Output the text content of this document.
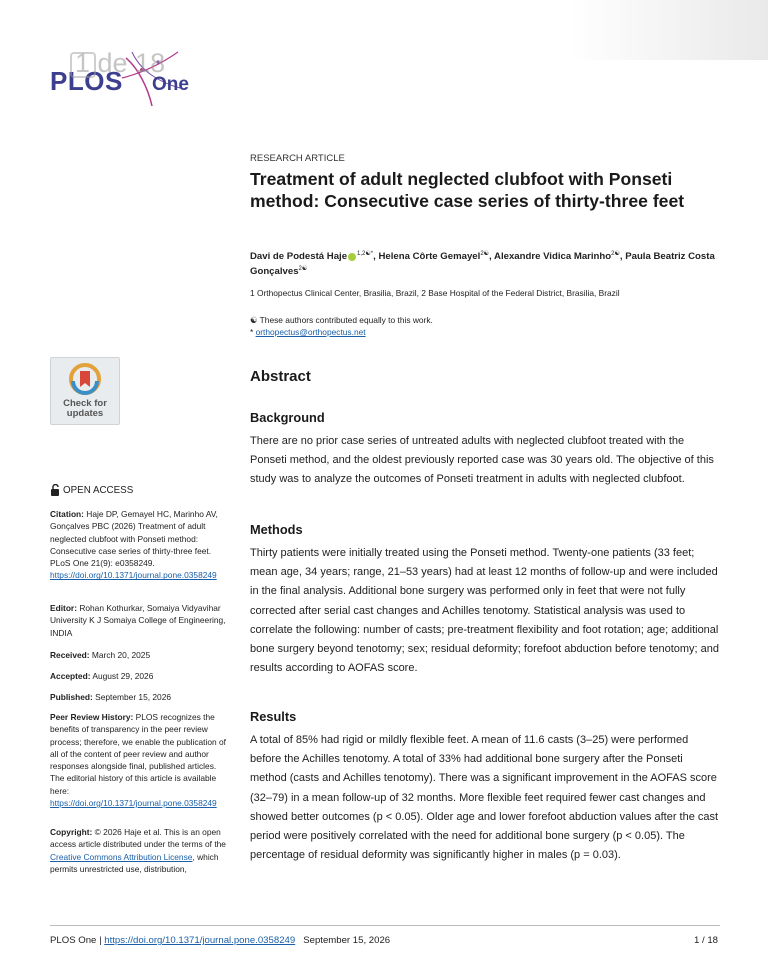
PLOS One
1 de 18
Check for
updates
OPEN ACCESS
Citation: Haje DP, Gemayel HC, Marinho AV, Gonçalves PBC (2026) Treatment of adult neglected clubfoot with Ponseti method: Consecutive case series of thirty-three feet. PLoS One 21(9): e0358249. https://doi.org/10.1371/journal.pone.0358249
Editor: Rohan Kothurkar, Somaiya Vidyavihar University K J Somaiya College of Engineering, INDIA
Received: March 20, 2025
Accepted: August 29, 2026
Published: September 15, 2026
Peer Review History: PLOS recognizes the benefits of transparency in the peer review process; therefore, we enable the publication of all of the content of peer review and author responses alongside final, published articles. The editorial history of this article is available here: https://doi.org/10.1371/journal.pone.0358249
Copyright: © 2026 Haje et al. This is an open access article distributed under the terms of the Creative Commons Attribution License, which permits unrestricted use, distribution,
RESEARCH ARTICLE
Treatment of adult neglected clubfoot with Ponseti method: Consecutive case series of thirty-three feet
Davi de Podestá Haje $^{1,2☯*}$, Helena Côrte Gemayel$^{2☯}$, Alexandre Vidica Marinho$^{2☯}$, Paula Beatriz Costa Gonçalves$^{2☯}$
1 Orthopectus Clinical Center, Brasilia, Brazil, 2 Base Hospital of the Federal District, Brasilia, Brazil
☯ These authors contributed equally to this work.
* orthopectus@orthopectus.net
Abstract
Background
There are no prior case series of untreated adults with neglected clubfoot treated with the Ponseti method, and the oldest previously reported case was 30 years old. The objective of this study was to analyze the outcomes of Ponseti treatment in adults with neglected clubfoot.
Methods
Thirty patients were initially treated using the Ponseti method. Twenty-one patients (33 feet; mean age, 34 years; range, 21–53 years) had at least 12 months of follow-up and were included in the final analysis. Additional bone surgery was performed only in feet that were not fully corrected after serial cast changes and Achilles tenotomy. Statistical analysis was used to correlate the following: number of casts; pre-treatment flexibility and foot rotation; age; additional bone surgery beyond tenotomy; sex; residual deformity; forefoot abduction before tenotomy; and results according to AOFAS score.
Results
A total of 85% had rigid or mildly flexible feet. A mean of 11.6 casts (3–25) were performed before the Achilles tenotomy. A total of 33% had additional bone surgery after the Ponseti method (casts and Achilles tenotomy). There was a significant improvement in the AOFAS score (32–79) in a mean follow-up of 32 months. More flexible feet required fewer cast changes and showed better outcomes (p < 0.05). Older age and lower forefoot abduction values after the cast period were positively correlated with the need for additional bone surgery (p < 0.05). The percentage of residual deformity was significantly higher in males (p = 0.03).
PLOS One | https://doi.org/10.1371/journal.pone.0358249 September 15, 2026	1 / 18
